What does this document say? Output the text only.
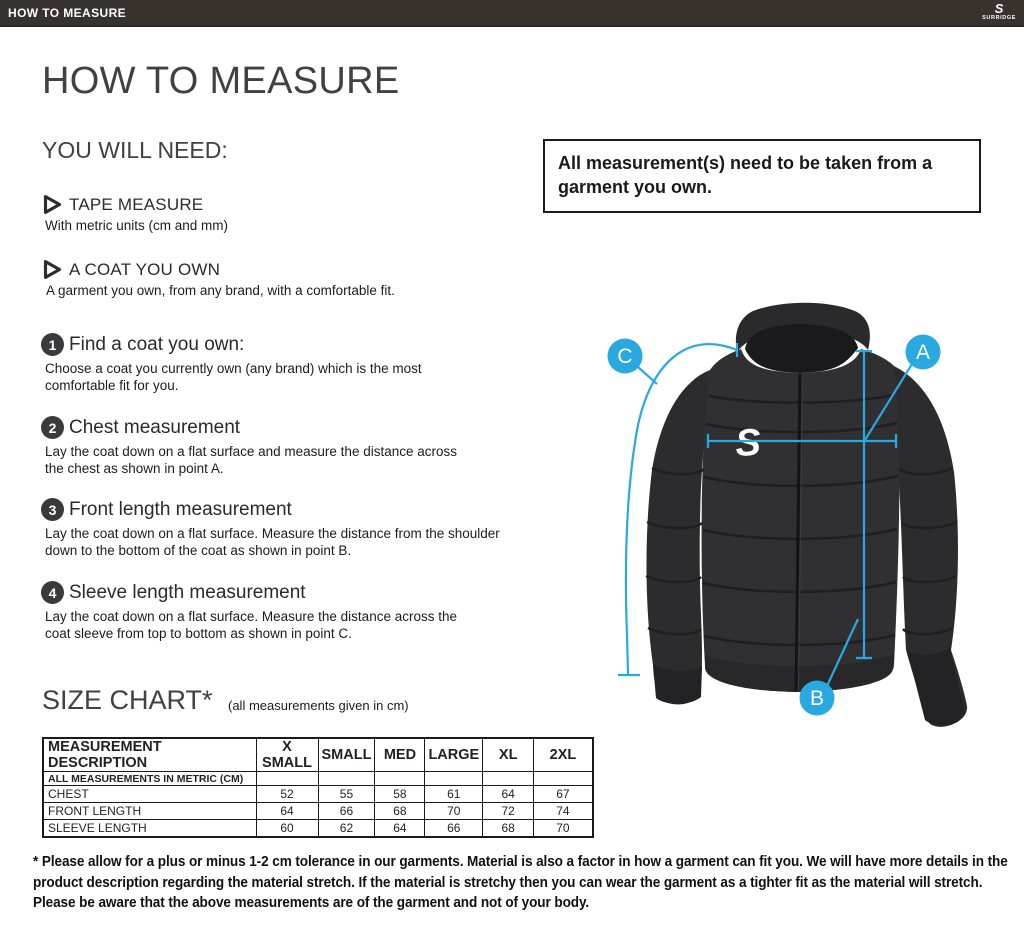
HOW TO MEASURE	S
SURRIDGE
HOW TO MEASURE
YOU WILL NEED:
TAPE MEASURE
With metric units (cm and mm)
A COAT YOU OWN
A garment you own, from any brand, with a comfortable fit.
All measurement(s) need to be taken from a garment you own.
1 Find a coat you own:
Choose a coat you currently own (any brand) which is the most comfortable fit for you.
2 Chest measurement
Lay the coat down on a flat surface and measure the distance across the chest as shown in point A.
3 Front length measurement
Lay the coat down on a flat surface. Measure the distance from the shoulder down to the bottom of the coat as shown in point B.
4 Sleeve length measurement
Lay the coat down on a flat surface. Measure the distance across the coat sleeve from top to bottom as shown in point C.
S
A
B
C
SIZE CHART* (all measurements given in cm)
MEASUREMENT DESCRIPTION	X SMALL	SMALL	MED	LARGE	XL	2XL
ALL MEASUREMENTS IN METRIC (CM)						
CHEST	52	55	58	61	64	67
FRONT LENGTH	64	66	68	70	72	74
SLEEVE LENGTH	60	62	64	66	68	70
* Please allow for a plus or minus 1-2 cm tolerance in our garments. Material is also a factor in how a garment can fit you. We will have more details in the product description regarding the material stretch. If the material is stretchy then you can wear the garment as a tighter fit as the material will stretch. Please be aware that the above measurements are of the garment and not of your body.
